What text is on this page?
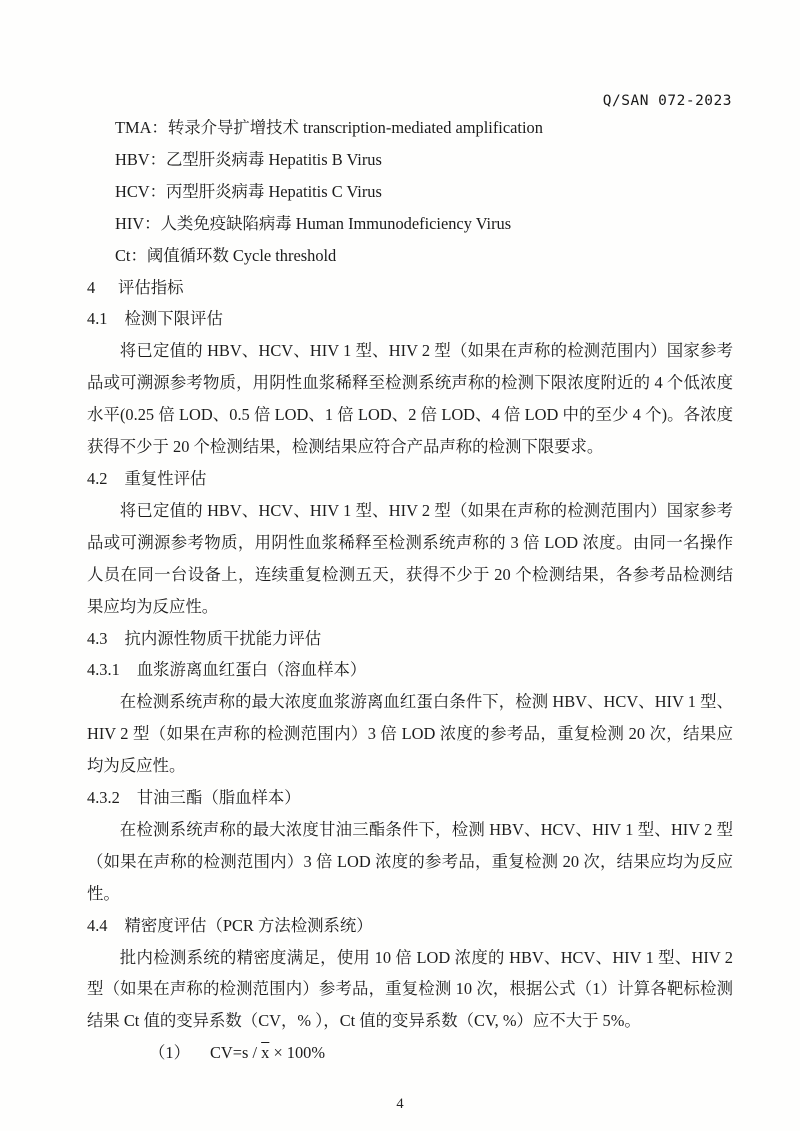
Q/SAN 072-2023

TMA：转录介导扩增技术 transcription-mediated amplification

HBV：乙型肝炎病毒 Hepatitis B Virus

HCV：丙型肝炎病毒 Hepatitis C Virus

HIV：人类免疫缺陷病毒 Human Immunodeficiency Virus

Ct：阈值循环数 Cycle threshold

4 评估指标

4.1 检测下限评估

将已定值的 HBV、HCV、HIV 1 型、HIV 2 型（如果在声称的检测范围内）国家参考品或可溯源参考物质，用阴性血浆稀释至检测系统声称的检测下限浓度附近的 4 个低浓度水平(0.25 倍 LOD、0.5 倍 LOD、1 倍 LOD、2 倍 LOD、4 倍 LOD 中的至少 4 个)。各浓度获得不少于 20 个检测结果，检测结果应符合产品声称的检测下限要求。

4.2 重复性评估

将已定值的 HBV、HCV、HIV 1 型、HIV 2 型（如果在声称的检测范围内）国家参考品或可溯源参考物质，用阴性血浆稀释至检测系统声称的 3 倍 LOD 浓度。由同一名操作人员在同一台设备上，连续重复检测五天，获得不少于 20 个检测结果，各参考品检测结果应均为反应性。

4.3 抗内源性物质干扰能力评估

4.3.1 血浆游离血红蛋白（溶血样本）

在检测系统声称的最大浓度血浆游离血红蛋白条件下，检测 HBV、HCV、HIV 1 型、HIV 2 型（如果在声称的检测范围内）3 倍 LOD 浓度的参考品，重复检测 20 次，结果应均为反应性。

4.3.2 甘油三酯（脂血样本）

在检测系统声称的最大浓度甘油三酯条件下，检测 HBV、HCV、HIV 1 型、HIV 2 型（如果在声称的检测范围内）3 倍 LOD 浓度的参考品，重复检测 20 次，结果应均为反应性。

4.4 精密度评估（PCR 方法检测系统）

批内检测系统的精密度满足，使用 10 倍 LOD 浓度的 HBV、HCV、HIV 1 型、HIV 2 型（如果在声称的检测范围内）参考品，重复检测 10 次，根据公式（1）计算各靶标检测结果 Ct 值的变异系数（CV，% ），Ct 值的变异系数（CV, %）应不大于 5%。

（1） $CV=s / \overline{x} \times 100\%$

4
